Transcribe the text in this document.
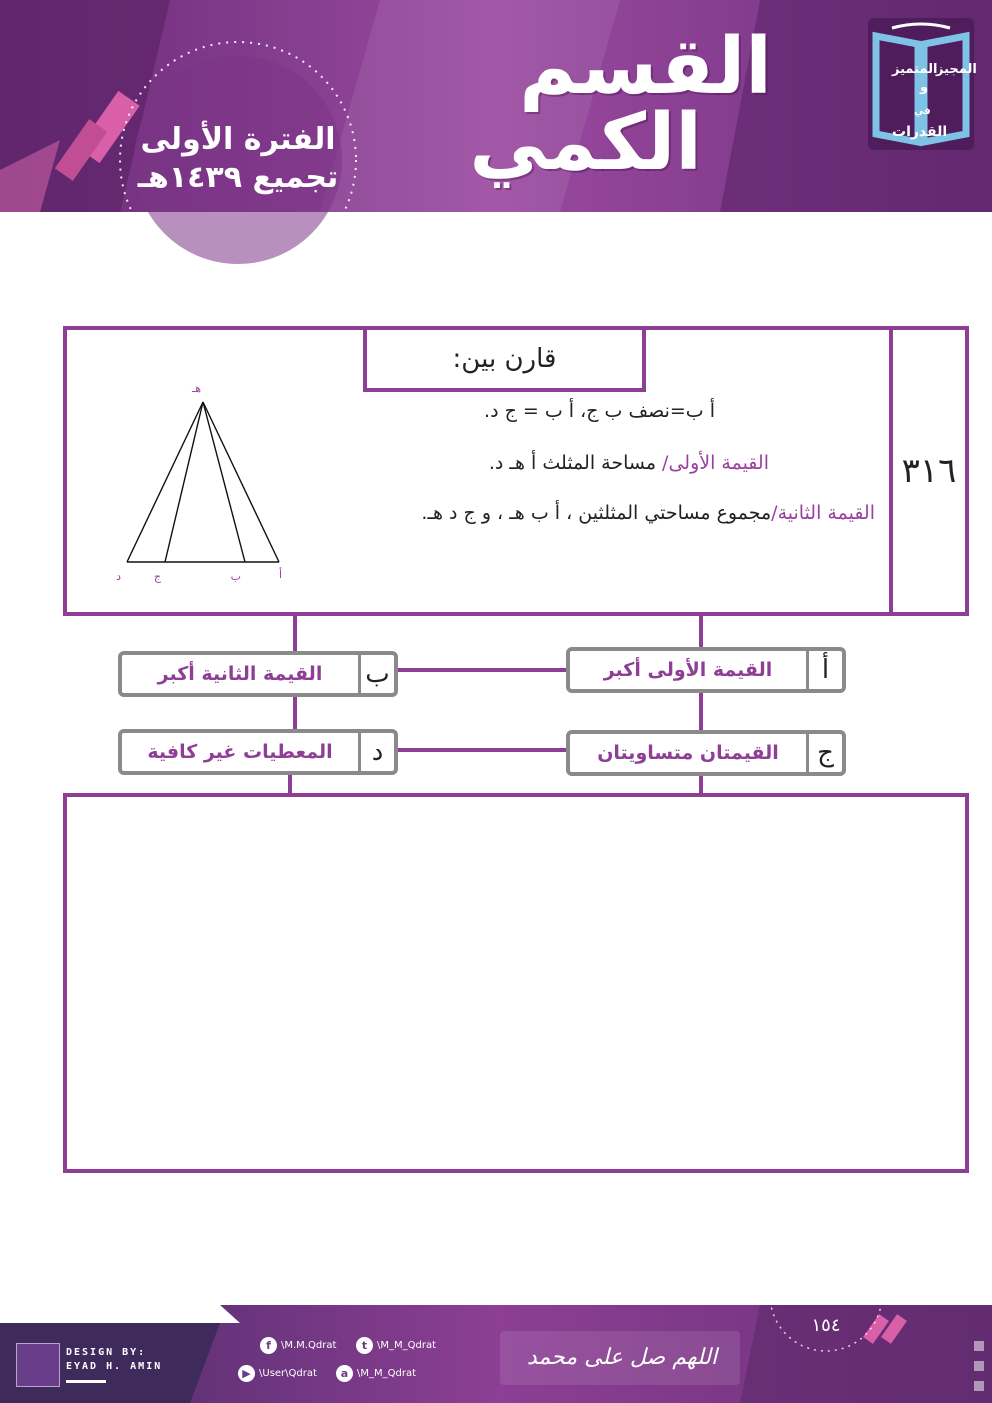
القسم
الكمي
الفترة الأولى
تجميع ١٤٣٩هـ
المتميز
و
المجيز
في
القدرات
٣١٦
قارن بين:
أ ب=نصف ب ج، أ ب = ج د.
القيمة الأولى/ مساحة المثلث أ هـ د.
القيمة الثانية/مجموع مساحتي المثلثين ، أ ب هـ ، و ج د هـ.
هـ
أ
ب
ج
د
أ
القيمة الأولى أكبر
ب
القيمة الثانية أكبر
ج
القيمتان متساويتان
د
المعطيات غير كافية
DESIGN BY:
EYAD H. AMIN
f	\M.M.Qdrat	t \M_M_Qdrat
▶ \User\Qdrat	a \M_M_Qdrat
اللهم صل على محمد
١٥٤
